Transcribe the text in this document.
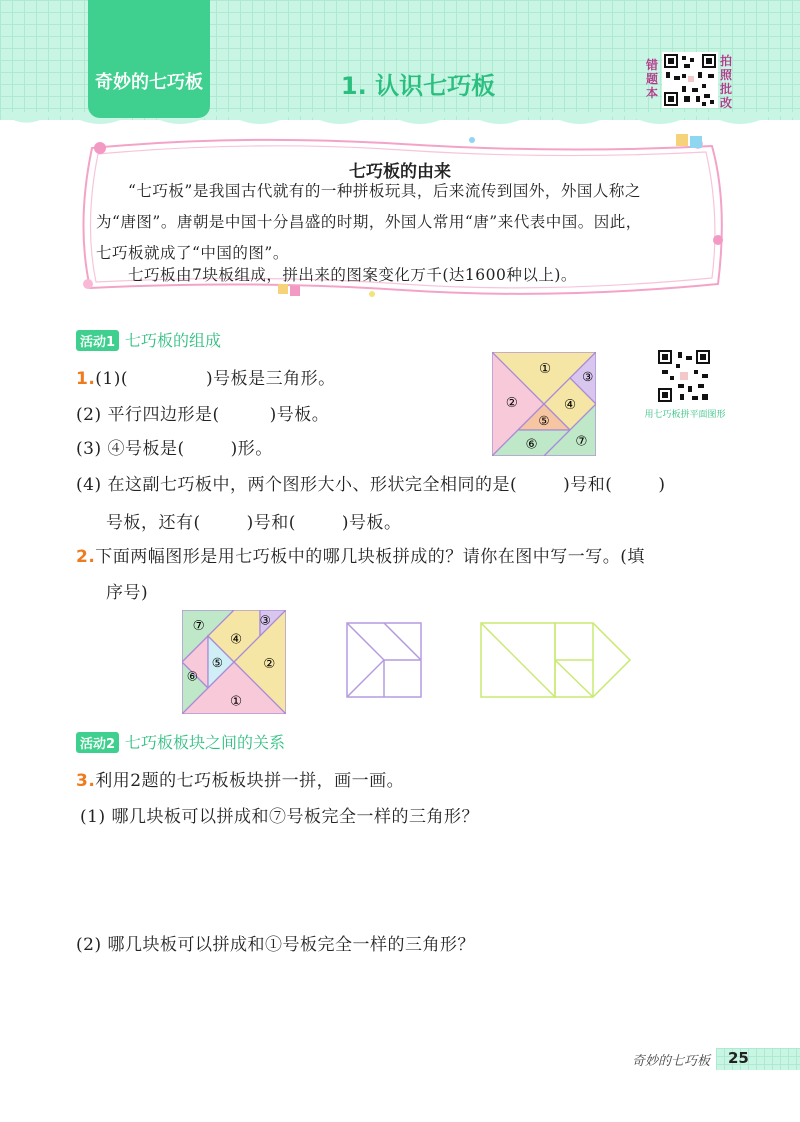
奇妙的七巧板	1. 认识七巧板
错题本
拍照批改
七巧板的由来
“七巧板”是我国古代就有的一种拼板玩具，后来流传到国外，外国人称之
为“唐图”。唐朝是中国十分昌盛的时期，外国人常用“唐”来代表中国。因此，
七巧板就成了“中国的图”。
七巧板由7块板组成，拼出来的图案变化万千(达1600种以上)。
活动1 七巧板的组成
1.(1)(	)号板是三角形。
(2) 平行四边形是(	)号板。
(3) ④号板是(	)形。
(4) 在这副七巧板中，两个图形大小、形状完全相同的是(	)号和(	)
号板，还有(	)号和(	)号板。
①
②
③
④
⑤
⑥	⑦
用七巧板拼平面图形
2.下面两幅图形是用七巧板中的哪几块板拼成的？请你在图中写一写。(填
序号)
①
②
③
④
⑤
⑥
⑦
活动2 七巧板板块之间的关系
3.利用2题的七巧板板块拼一拼，画一画。
(1) 哪几块板可以拼成和⑦号板完全一样的三角形？
(2) 哪几块板可以拼成和①号板完全一样的三角形？
奇妙的七巧板 25
